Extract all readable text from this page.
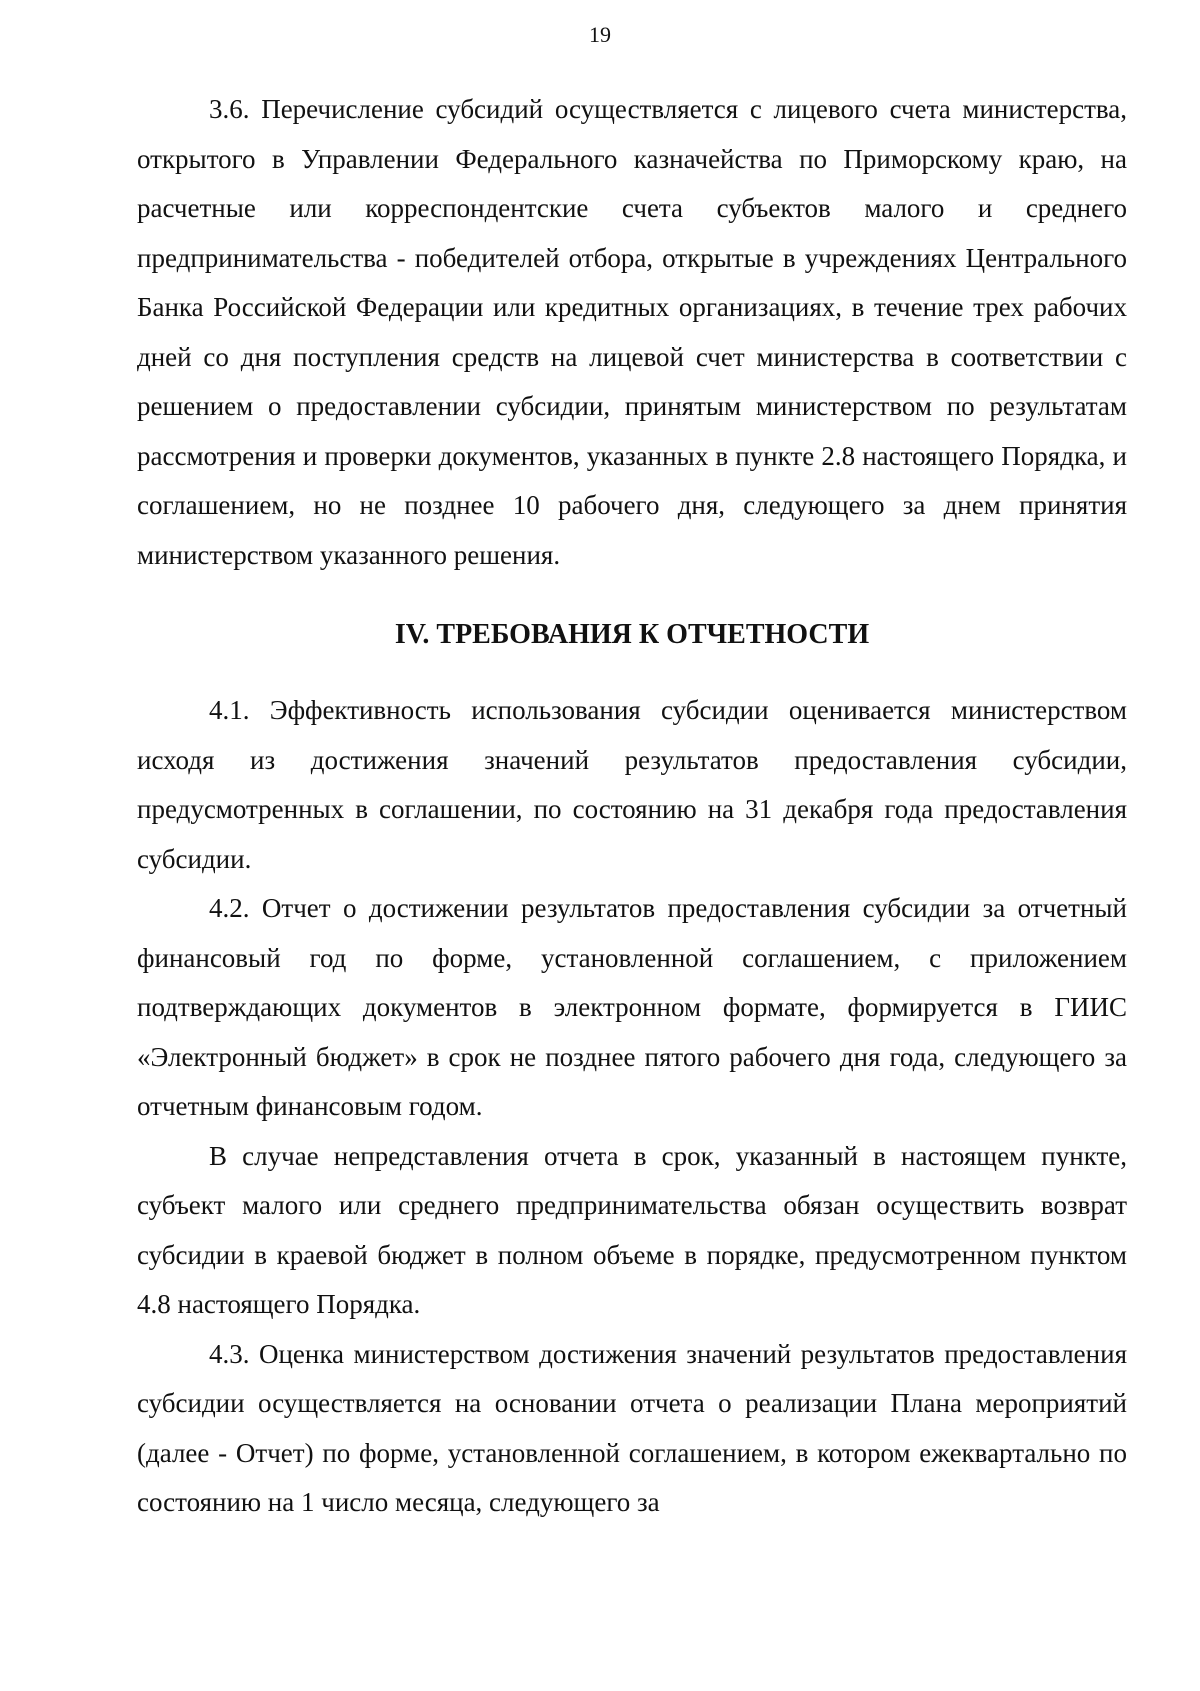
19

3.6. Перечисление субсидий осуществляется с лицевого счета министерства, открытого в Управлении Федерального казначейства по Приморскому краю, на расчетные или корреспондентские счета субъектов малого и среднего предпринимательства - победителей отбора, открытые в учреждениях Центрального Банка Российской Федерации или кредитных организациях, в течение трех рабочих дней со дня поступления средств на лицевой счет министерства в соответствии с решением о предоставлении субсидии, принятым министерством по результатам рассмотрения и проверки документов, указанных в пункте 2.8 настоящего Порядка, и соглашением, но не позднее 10 рабочего дня, следующего за днем принятия министерством указанного решения.

IV. ТРЕБОВАНИЯ К ОТЧЕТНОСТИ

4.1. Эффективность использования субсидии оценивается министерством исходя из достижения значений результатов предоставления субсидии, предусмотренных в соглашении, по состоянию на 31 декабря года предоставления субсидии.

4.2. Отчет о достижении результатов предоставления субсидии за отчетный финансовый год по форме, установленной соглашением, с приложением подтверждающих документов в электронном формате, формируется в ГИИС «Электронный бюджет» в срок не позднее пятого рабочего дня года, следующего за отчетным финансовым годом.

В случае непредставления отчета в срок, указанный в настоящем пункте, субъект малого или среднего предпринимательства обязан осуществить возврат субсидии в краевой бюджет в полном объеме в порядке, предусмотренном пунктом 4.8 настоящего Порядка.

4.3. Оценка министерством достижения значений результатов предоставления субсидии осуществляется на основании отчета о реализации Плана мероприятий (далее - Отчет) по форме, установленной соглашением, в котором ежеквартально по состоянию на 1 число месяца, следующего за
